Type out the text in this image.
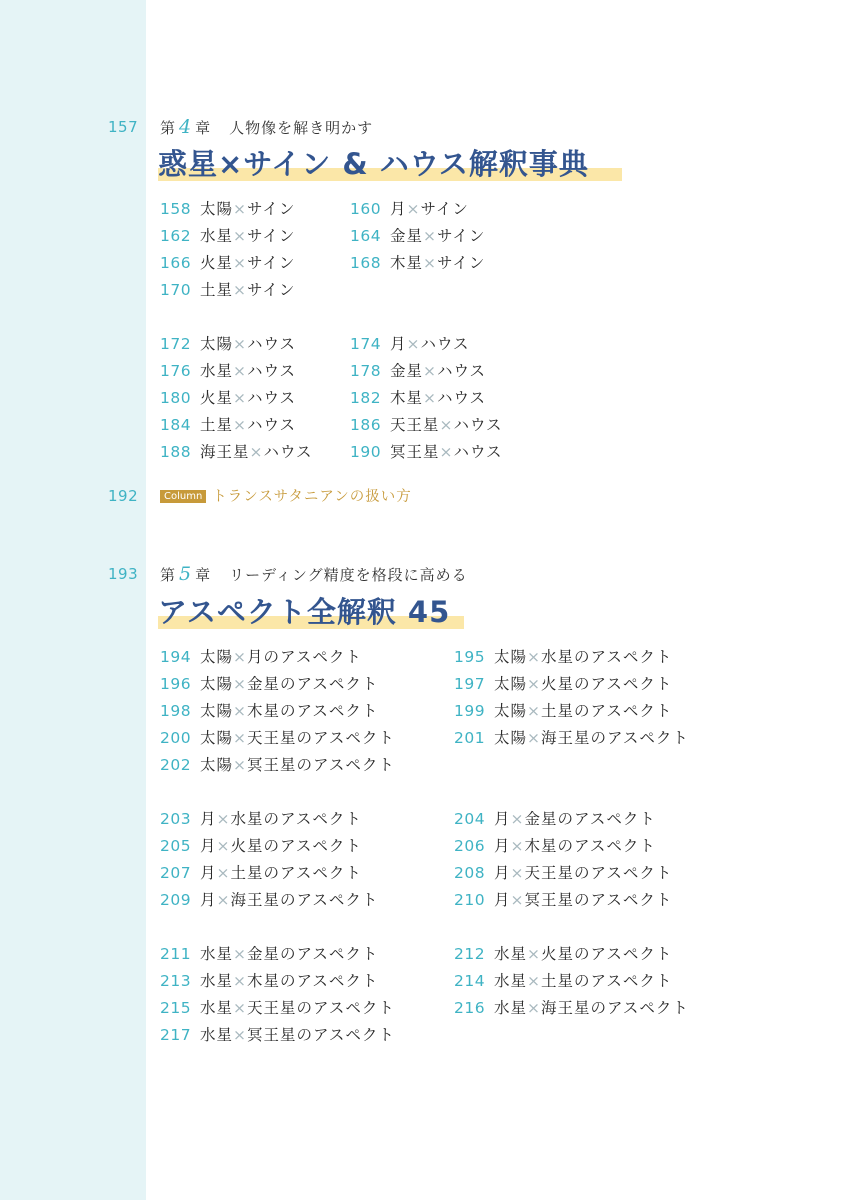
157 第 4 章 人物像を解き明かす
惑星×サイン & ハウス解釈事典
158 太陽×サイン	160 月×サイン
162 水星×サイン	164 金星×サイン
166 火星×サイン	168 木星×サイン
170 土星×サイン
172 太陽×ハウス	174 月×ハウス
176 水星×ハウス	178 金星×ハウス
180 火星×ハウス	182 木星×ハウス
184 土星×ハウス	186 天王星×ハウス
188 海王星×ハウス 190 冥王星×ハウス
192	Column トランスサタニアンの扱い方
193 第 5 章 リーディング精度を格段に高める
アスペクト全解釈 45
194 太陽×月のアスペクト	195 太陽×水星のアスペクト
196 太陽×金星のアスペクト	197 太陽×火星のアスペクト
198 太陽×木星のアスペクト	199 太陽×土星のアスペクト
200 太陽×天王星のアスペクト	201 太陽×海王星のアスペクト
202 太陽×冥王星のアスペクト
203 月×水星のアスペクト	204 月×金星のアスペクト
205 月×火星のアスペクト	206 月×木星のアスペクト
207 月×土星のアスペクト	208 月×天王星のアスペクト
209 月×海王星のアスペクト	210 月×冥王星のアスペクト
211 水星×金星のアスペクト	212 水星×火星のアスペクト
213 水星×木星のアスペクト	214 水星×土星のアスペクト
215 水星×天王星のアスペクト	216 水星×海王星のアスペクト
217 水星×冥王星のアスペクト
